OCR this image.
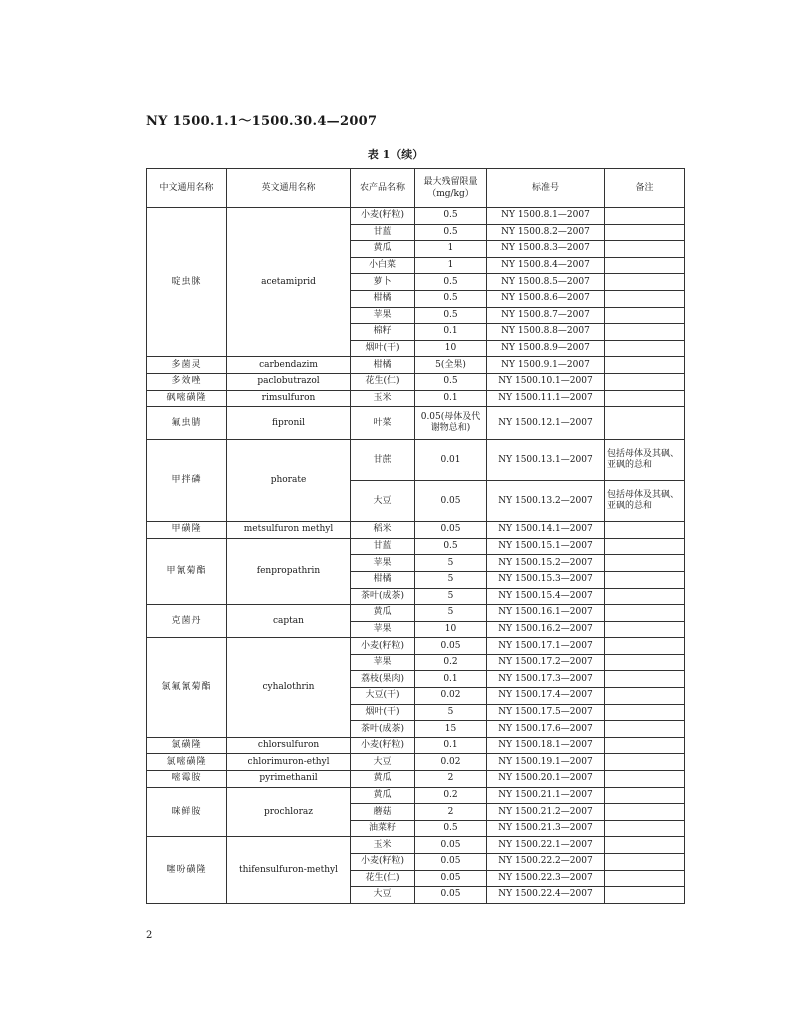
NY 1500.1.1～1500.30.4—2007
表 1（续）
中文通用名称	英文通用名称	农产品名称	最大残留限量（mg/kg）	标准号	备注
啶虫脒	acetamiprid	小麦(籽粒)	0.5	NY 1500.8.1—2007	
		甘蓝	0.5	NY 1500.8.2—2007	
		黄瓜	1	NY 1500.8.3—2007	
		小白菜	1	NY 1500.8.4—2007	
		萝卜	0.5	NY 1500.8.5—2007	
		柑橘	0.5	NY 1500.8.6—2007	
		苹果	0.5	NY 1500.8.7—2007	
		棉籽	0.1	NY 1500.8.8—2007	
		烟叶(干)	10	NY 1500.8.9—2007	
多菌灵	carbendazim	柑橘	5(全果)	NY 1500.9.1—2007	
多效唑	paclobutrazol	花生(仁)	0.5	NY 1500.10.1—2007	
砜嘧磺隆	rimsulfuron	玉米	0.1	NY 1500.11.1—2007	
氟虫腈	fipronil	叶菜	0.05(母体及代谢物总和)	NY 1500.12.1—2007	
甲拌磷	phorate	甘蔗	0.01	NY 1500.13.1—2007	包括母体及其砜、亚砜的总和
		大豆	0.05	NY 1500.13.2—2007	包括母体及其砜、亚砜的总和
甲磺隆	metsulfuron methyl	稻米	0.05	NY 1500.14.1—2007	
甲氰菊酯	fenpropathrin	甘蓝	0.5	NY 1500.15.1—2007	
		苹果	5	NY 1500.15.2—2007	
		柑橘	5	NY 1500.15.3—2007	
		茶叶(成茶)	5	NY 1500.15.4—2007	
克菌丹	captan	黄瓜	5	NY 1500.16.1—2007	
		苹果	10	NY 1500.16.2—2007	
氯氟氰菊酯	cyhalothrin	小麦(籽粒)	0.05	NY 1500.17.1—2007	
		苹果	0.2	NY 1500.17.2—2007	
		荔枝(果肉)	0.1	NY 1500.17.3—2007	
		大豆(干)	0.02	NY 1500.17.4—2007	
		烟叶(干)	5	NY 1500.17.5—2007	
		茶叶(成茶)	15	NY 1500.17.6—2007	
氯磺隆	chlorsulfuron	小麦(籽粒)	0.1	NY 1500.18.1—2007	
氯嘧磺隆	chlorimuron-ethyl	大豆	0.02	NY 1500.19.1—2007	
嘧霉胺	pyrimethanil	黄瓜	2	NY 1500.20.1—2007	
咪鲜胺	prochloraz	黄瓜	0.2	NY 1500.21.1—2007	
		蘑菇	2	NY 1500.21.2—2007	
		油菜籽	0.5	NY 1500.21.3—2007	
噻吩磺隆	thifensulfuron-methyl	玉米	0.05	NY 1500.22.1—2007	
		小麦(籽粒)	0.05	NY 1500.22.2—2007	
		花生(仁)	0.05	NY 1500.22.3—2007	
		大豆	0.05	NY 1500.22.4—2007	
2
